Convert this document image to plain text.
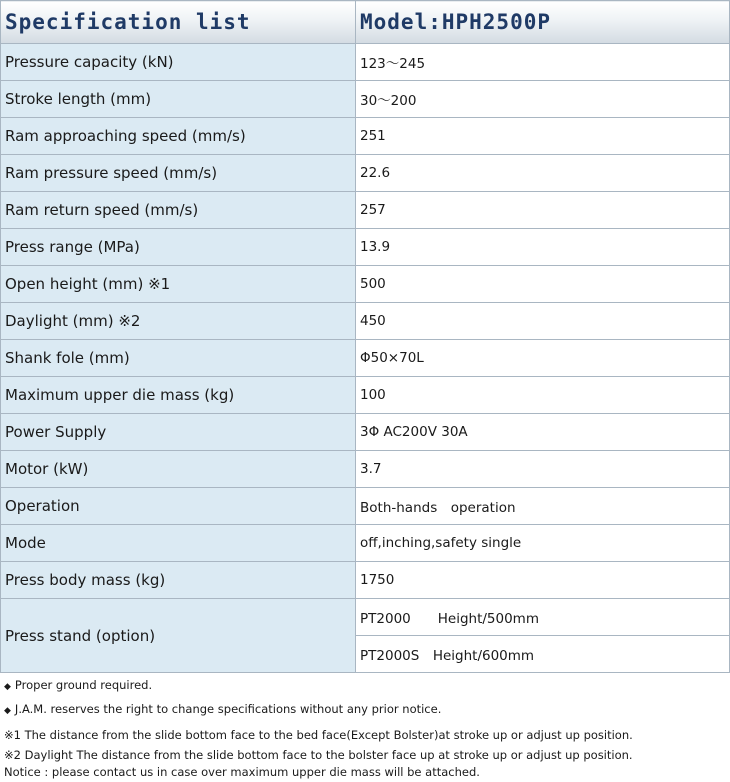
Specification list	Model:HPH2500P
Pressure capacity (kN)	123～245
Stroke length (mm)	30～200
Ram approaching speed (mm/s)	251
Ram pressure speed (mm/s)	22.6
Ram return speed (mm/s)	257
Press range (MPa)	13.9
Open height (mm) ※1	500
Daylight (mm) ※2	450
Shank fole (mm)	Φ50×70L
Maximum upper die mass (kg)	100
Power Supply	3Φ AC200V 30A
Motor (kW)	3.7
Operation	Both-hands　operation
Mode	off,inching,safety single
Press body mass (kg)	1750
Press stand (option)	PT2000　　Height/500mm
	PT2000S　Height/600mm
◆ Proper ground required.
◆ J.A.M. reserves the right to change specifications without any prior notice.
※1 The distance from the slide bottom face to the bed face(Except Bolster)at stroke up or adjust up position.
※2 Daylight The distance from the slide bottom face to the bolster face up at stroke up or adjust up position.
Notice : please contact us in case over maximum upper die mass will be attached.
